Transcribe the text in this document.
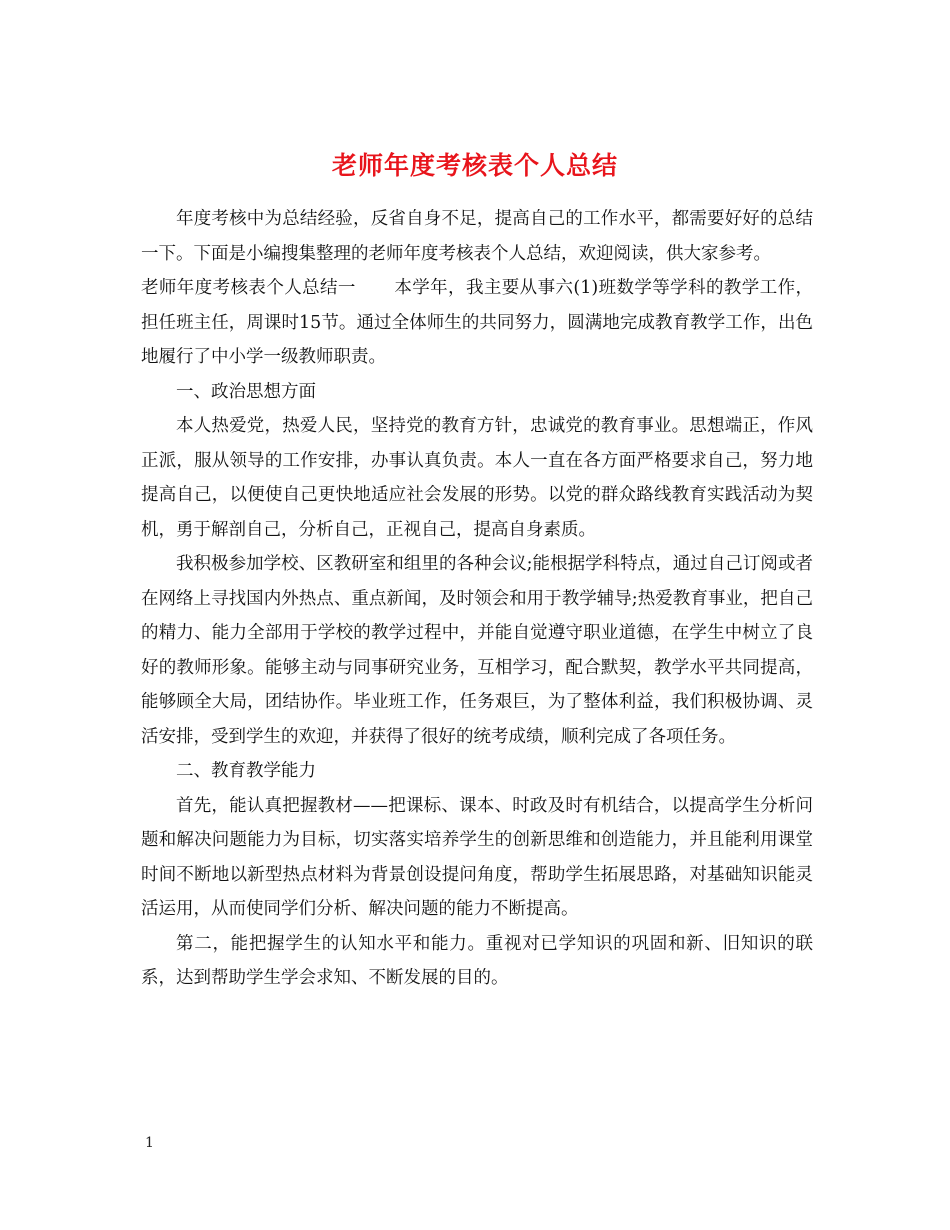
老师年度考核表个人总结

年度考核中为总结经验，反省自身不足，提高自己的工作水平，都需要好好的总结一下。下面是小编搜集整理的老师年度考核表个人总结，欢迎阅读，供大家参考。

老师年度考核表个人总结一 本学年，我主要从事六(1)班数学等学科的教学工作，担任班主任，周课时15节。通过全体师生的共同努力，圆满地完成教育教学工作，出色地履行了中小学一级教师职责。

一、政治思想方面

本人热爱党，热爱人民，坚持党的教育方针，忠诚党的教育事业。思想端正，作风正派，服从领导的工作安排，办事认真负责。本人一直在各方面严格要求自己，努力地提高自己，以便使自己更快地适应社会发展的形势。以党的群众路线教育实践活动为契机，勇于解剖自己，分析自己，正视自己，提高自身素质。

我积极参加学校、区教研室和组里的各种会议;能根据学科特点，通过自己订阅或者在网络上寻找国内外热点、重点新闻，及时领会和用于教学辅导;热爱教育事业，把自己的精力、能力全部用于学校的教学过程中，并能自觉遵守职业道德，在学生中树立了良好的教师形象。能够主动与同事研究业务，互相学习，配合默契，教学水平共同提高，能够顾全大局，团结协作。毕业班工作，任务艰巨，为了整体利益，我们积极协调、灵活安排，受到学生的欢迎，并获得了很好的统考成绩，顺利完成了各项任务。

二、教育教学能力

首先，能认真把握教材——把课标、课本、时政及时有机结合，以提高学生分析问题和解决问题能力为目标，切实落实培养学生的创新思维和创造能力，并且能利用课堂时间不断地以新型热点材料为背景创设提问角度，帮助学生拓展思路，对基础知识能灵活运用，从而使同学们分析、解决问题的能力不断提高。

第二，能把握学生的认知水平和能力。重视对已学知识的巩固和新、旧知识的联系，达到帮助学生学会求知、不断发展的目的。

1
